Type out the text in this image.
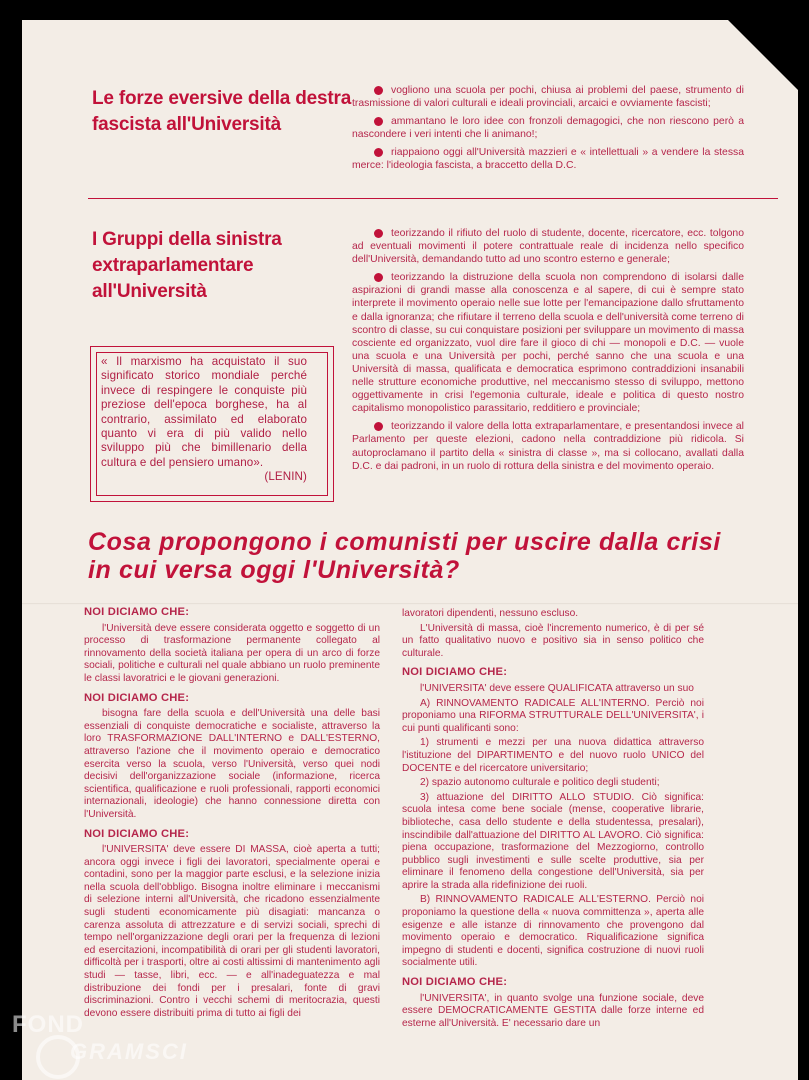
Le forze eversive della destra fascista all'Università

vogliono una scuola per pochi, chiusa ai problemi del paese, strumento di trasmissione di valori culturali e ideali provinciali, arcaici e ovviamente fascisti;

ammantano le loro idee con fronzoli demagogici, che non riescono però a nascondere i veri intenti che li animano!;

riappaiono oggi all'Università mazzieri e « intellettuali » a vendere la stessa merce: l'ideologia fascista, a braccetto della D.C.

I Gruppi della sinistra extraparlamentare all'Università

teorizzando il rifiuto del ruolo di studente, docente, ricercatore, ecc. tolgono ad eventuali movimenti il potere contrattuale reale di incidenza nello specifico dell'Università, demandando tutto ad uno scontro esterno e generale;

teorizzando la distruzione della scuola non comprendono di isolarsi dalle aspirazioni di grandi masse alla conoscenza e al sapere, di cui è sempre stato interprete il movimento operaio nelle sue lotte per l'emancipazione dallo sfruttamento e dalla ignoranza; che rifiutare il terreno della scuola e dell'università come terreno di scontro di classe, su cui conquistare posizioni per sviluppare un movimento di massa cosciente ed organizzato, vuol dire fare il gioco di chi — monopoli e D.C. — vuole una scuola e una Università per pochi, perché sanno che una scuola e una Università di massa, qualificata e democratica esprimono contraddizioni insanabili nelle strutture economiche produttive, nel meccanismo stesso di sviluppo, mettono oggettivamente in crisi l'egemonia culturale, ideale e politica di questo nostro capitalismo monopolistico parassitario, redditiero e provinciale;

teorizzando il valore della lotta extraparlamentare, e presentandosi invece al Parlamento per queste elezioni, cadono nella contraddizione più ridicola. Si autoproclamano il partito della « sinistra di classe », ma si collocano, avallati dalla D.C. e dai padroni, in un ruolo di rottura della sinistra e del movimento operaio.

« Il marxismo ha acquistato il suo significato storico mondiale perché invece di respingere le conquiste più preziose dell'epoca borghese, ha al contrario, assimilato ed elaborato quanto vi era di più valido nello sviluppo più che bimillenario della cultura e del pensiero umano».
(LENIN)
Cosa propongono i comunisti per uscire dalla crisi in cui versa oggi l'Università?
NOI DICIAMO CHE:
l'Università deve essere considerata oggetto e soggetto di un processo di trasformazione permanente collegato al rinnovamento della società italiana per opera di un arco di forze sociali, politiche e culturali nel quale abbiano un ruolo preminente le classi lavoratrici e le giovani generazioni.
NOI DICIAMO CHE:
bisogna fare della scuola e dell'Università una delle basi essenziali di conquiste democratiche e socialiste, attraverso la loro TRASFORMAZIONE DALL'INTERNO e DALL'ESTERNO, attraverso l'azione che il movimento operaio e democratico esercita verso la scuola, verso l'Università, verso quei nodi decisivi dell'organizzazione sociale (informazione, ricerca scientifica, qualificazione e ruoli professionali, rapporti economici internazionali, ideologie) che hanno connessione diretta con l'Università.
NOI DICIAMO CHE:
l'UNIVERSITA' deve essere DI MASSA, cioè aperta a tutti; ancora oggi invece i figli dei lavoratori, specialmente operai e contadini, sono per la maggior parte esclusi, e la selezione inizia nella scuola dell'obbligo. Bisogna inoltre eliminare i meccanismi di selezione interni all'Università, che ricadono essenzialmente sugli studenti economicamente più disagiati: mancanza o carenza assoluta di attrezzature e di servizi sociali, sprechi di tempo nell'organizzazione degli orari per la frequenza di lezioni ed esercitazioni, incompatibilità di orari per gli studenti lavoratori, difficoltà per i trasporti, oltre ai costi altissimi di mantenimento agli studi — tasse, libri, ecc. — e all'inadeguatezza e mal distribuzione dei fondi per i presalari, fonte di gravi discriminazioni. Contro i vecchi schemi di meritocrazia, questi devono essere distribuiti prima di tutto ai figli dei
lavoratori dipendenti, nessuno escluso.
L'Università di massa, cioè l'incremento numerico, è di per sé un fatto qualitativo nuovo e positivo sia in senso politico che culturale.
NOI DICIAMO CHE:
l'UNIVERSITA' deve essere QUALIFICATA attraverso un suo
A) RINNOVAMENTO RADICALE ALL'INTERNO. Perciò noi proponiamo una RIFORMA STRUTTURALE DELL'UNIVERSITA', i cui punti qualificanti sono:
1) strumenti e mezzi per una nuova didattica attraverso l'istituzione del DIPARTIMENTO e del nuovo ruolo UNICO del DOCENTE e del ricercatore universitario;
2) spazio autonomo culturale e politico degli studenti;
3) attuazione del DIRITTO ALLO STUDIO. Ciò significa: scuola intesa come bene sociale (mense, cooperative librarie, biblioteche, casa dello studente e della studentessa, presalari), inscindibile dall'attuazione del DIRITTO AL LAVORO. Ciò significa: piena occupazione, trasformazione del Mezzogiorno, controllo pubblico sugli investimenti e sulle scelte produttive, sia per eliminare il fenomeno della congestione dell'Università, sia per aprire la strada alla ridefinizione dei ruoli.
B) RINNOVAMENTO RADICALE ALL'ESTERNO. Perciò noi proponiamo la questione della « nuova committenza », aperta alle esigenze e alle istanze di rinnovamento che provengono dal movimento operaio e democratico. Riqualificazione significa impegno di studenti e docenti, significa costruzione di nuovi ruoli socialmente utili.
NOI DICIAMO CHE:
l'UNIVERSITA', in quanto svolge una funzione sociale, deve essere DEMOCRATICAMENTE GESTITA dalle forze interne ed esterne all'Università. E' necessario dare un
FOND
GRAMSCI
